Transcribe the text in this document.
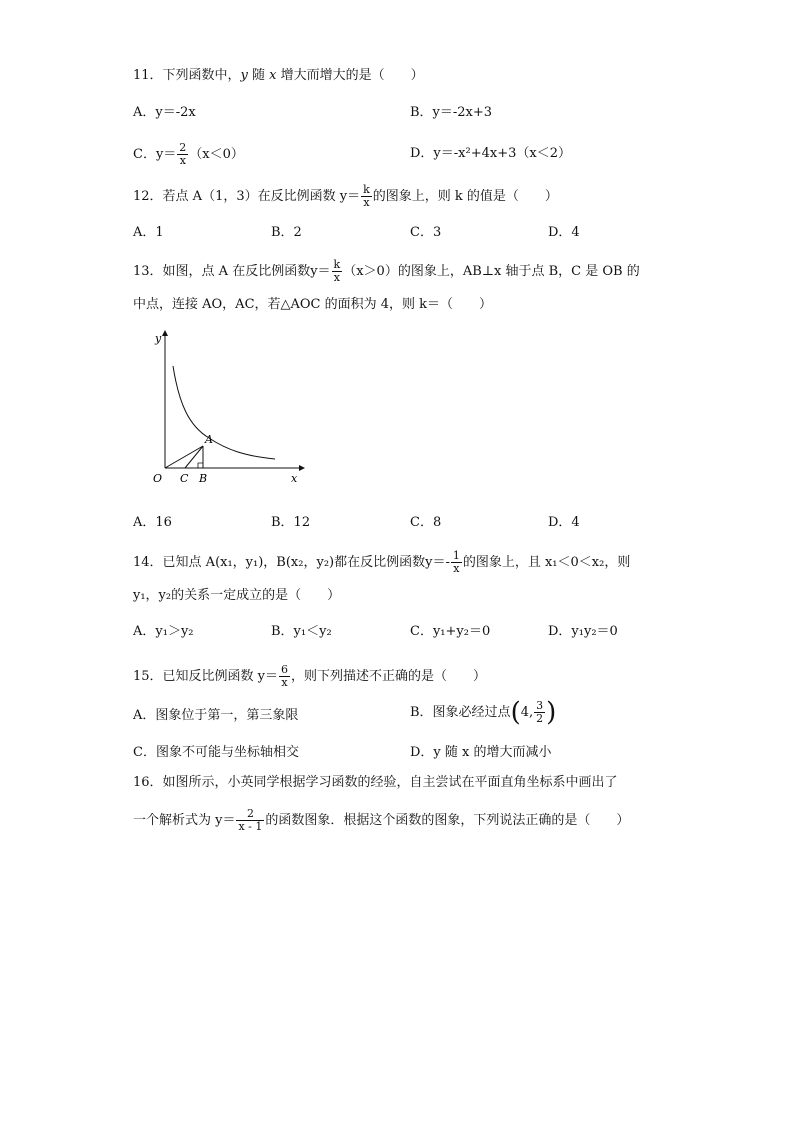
11．下列函数中，y 随 x 增大而增大的是（　　）
A．y＝-2x	B．y＝-2x+3
C．$y= \frac{2}{x} (x<0)$	D．y＝-x²+4x+3（x＜2）
12．若点 A（1，3）在反比例函数 $y= \frac{k}{x}$ 的图象上，则 k 的值是（　　）
A．1	B．2	C．3	D．4
13．如图，点 A 在反比例函数$y= \frac{k}{x} (x>0)$的图象上，AB⊥x 轴于点 B，C 是 OB 的
中点，连接 AO，AC，若△AOC 的面积为 4，则 k＝（　　）
y
x
O C B
A
A．16	B．12	C．8	D．4
14．已知点 A(x₁，y₁)，B(x₂，y₂)都在反比例函数$y=- \frac{1}{x}$ 的图象上，且 x₁＜0＜x₂，则
y₁，y₂的关系一定成立的是（　　）
A．y₁＞y₂	B．y₁＜y₂	C．y₁+y₂＝0	D．y₁y₂＝0
15．已知反比例函数 $y= \frac{6}{x}$ ，则下列描述不正确的是（　　）
A．图象位于第一，第三象限	B．图象必经过点(4, $\frac{3}{2}$ )
C．图象不可能与坐标轴相交	D．y 随 x 的增大而减小
16．如图所示，小英同学根据学习函数的经验，自主尝试在平面直角坐标系中画出了
一个解析式为 $y= \frac{2}{x - 1}$ 的函数图象．根据这个函数的图象，下列说法正确的是（　　）
